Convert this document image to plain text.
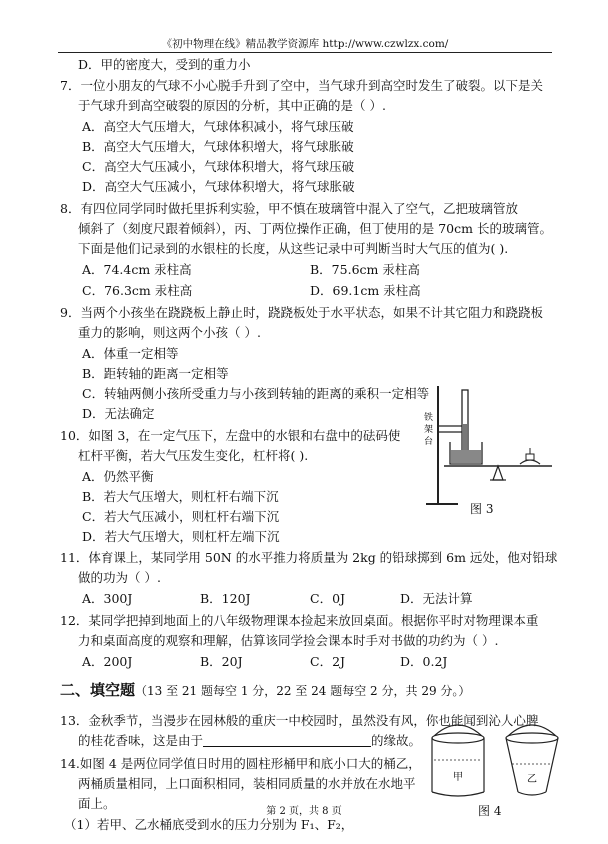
《初中物理在线》精品教学资源库 http://www.czwlzx.com/
D．甲的密度大，受到的重力小
7．一位小朋友的气球不小心脱手升到了空中，当气球升到高空时发生了破裂。以下是关
于气球升到高空破裂的原因的分析，其中正确的是（ ）.
A．高空大气压增大，气球体积减小，将气球压破
B．高空大气压增大，气球体积增大，将气球胀破
C．高空大气压减小，气球体积增大，将气球压破
D．高空大气压减小，气球体积增大，将气球胀破
8．有四位同学同时做托里拆利实验，甲不慎在玻璃管中混入了空气，乙把玻璃管放
倾斜了（刻度尺跟着倾斜），丙、丁两位操作正确，但丁使用的是 70cm 长的玻璃管。
下面是他们记录到的水银柱的长度，从这些记录中可判断当时大气压的值为( ).
A．74.4cm 汞柱高	B．75.6cm 汞柱高
C．76.3cm 汞柱高	D．69.1cm 汞柱高
9．当两个小孩坐在跷跷板上静止时，跷跷板处于水平状态，如果不计其它阻力和跷跷板
重力的影响，则这两个小孩（ ）.
A．体重一定相等
B．距转轴的距离一定相等
C．转轴两侧小孩所受重力与小孩到转轴的距离的乘积一定相等
D．无法确定
10．如图 3，在一定气压下，左盘中的水银和右盘中的砝码使
杠杆平衡，若大气压发生变化，杠杆将( ).
A．仍然平衡
B．若大气压增大，则杠杆右端下沉
C．若大气压减小，则杠杆右端下沉
D．若大气压增大，则杠杆左端下沉
铁
架
台
图 3
11．体育课上，某同学用 50N 的水平推力将质量为 2kg 的铅球掷到 6m 远处，他对铅球
做的功为（ ）.
A．300J	B．120J	C．0J	D．无法计算
12．某同学把掉到地面上的八年级物理课本捡起来放回桌面。根据你平时对物理课本重
力和桌面高度的观察和理解，估算该同学捡会课本时手对书做的功约为（ ）.
A．200J	B．20J	C．2J	D．0.2J
二、填空题（13 至 21 题每空 1 分，22 至 24 题每空 2 分，共 29 分。）
13．金秋季节，当漫步在园林般的重庆一中校园时，虽然没有风，你也能闻到沁人心脾
的桂花香味，这是由于	的缘故。
14.如图 4 是两位同学值日时用的圆柱形桶甲和底小口大的桶乙，
两桶质量相同，上口面积相同，装相同质量的水并放在水地平
面上。
（1）若甲、乙水桶底受到水的压力分别为 F₁、F₂，
甲	乙
图 4
第 2 页，共 8 页
